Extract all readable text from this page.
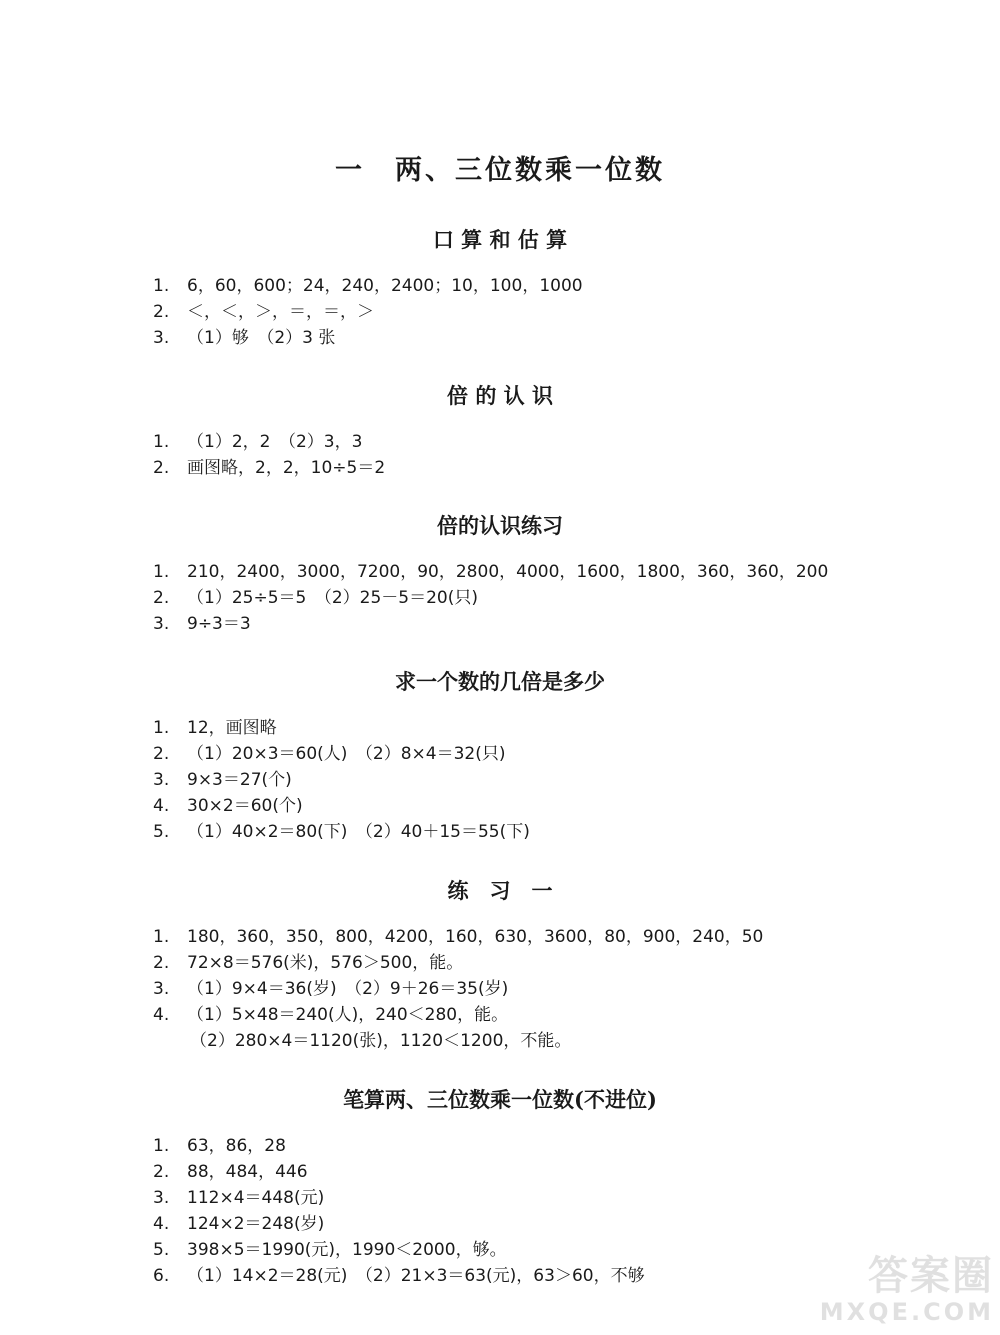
一　两、三位数乘一位数
口 算 和 估 算
1. 6，60，600；24，240，2400；10，100，1000
2. ＜，＜，＞，＝，＝，＞
3. （1）够　（2）3 张
倍 的 认 识
1. （1）2，2　（2）3，3
2. 画图略，2，2，10÷5＝2
倍的认识练习
1. 210，2400，3000，7200，90，2800，4000，1600，1800，360，360，200
2. （1）25÷5＝5　（2）25－5＝20(只)
3. 9÷3＝3
求一个数的几倍是多少
1. 12，画图略
2. （1）20×3＝60(人)　（2）8×4＝32(只)
3. 9×3＝27(个)
4. 30×2＝60(个)
5. （1）40×2＝80(下)　（2）40＋15＝55(下)
练　习　一
1. 180，360，350，800，4200，160，630，3600，80，900，240，50
2. 72×8＝576(米)，576＞500，能。
3. （1）9×4＝36(岁)　（2）9＋26＝35(岁)
4. （1）5×48＝240(人)，240＜280，能。
（2）280×4＝1120(张)，1120＜1200，不能。
笔算两、三位数乘一位数(不进位)
1. 63，86，28
2. 88，484，446
3. 112×4＝448(元)
4. 124×2＝248(岁)
5. 398×5＝1990(元)，1990＜2000，够。
6. （1）14×2＝28(元)　（2）21×3＝63(元)，63＞60，不够	答案圈
MXQE.COM
